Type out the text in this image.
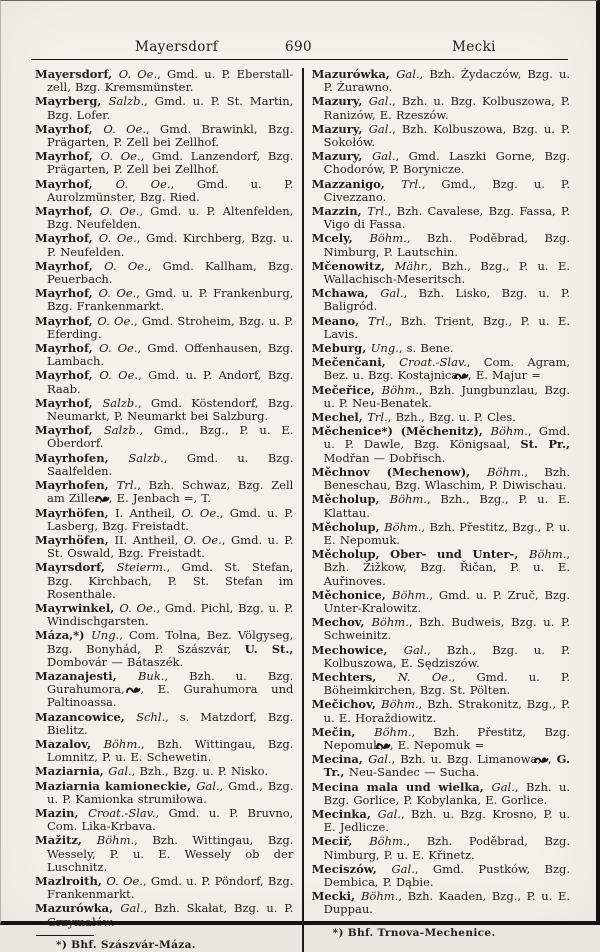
Mayersdorf	690	Mecki

Mayersdorf, O. Oe., Gmd. u. P. Eberstall-zell, Bzg. Kremsmünster.

Mayrberg, Salzb., Gmd. u. P. St. Martin, Bzg. Lofer.

Mayrhof, O. Oe., Gmd. Brawinkl, Bzg. Prägarten, P. Zell bei Zellhof.

Mayrhof, O. Oe., Gmd. Lanzendorf, Bzg. Prägarten, P. Zell bei Zellhof.

Mayrhof, O. Oe., Gmd. u. P. Aurolzmünster, Bzg. Ried.

Mayrhof, O. Oe., Gmd. u. P. Altenfelden, Bzg. Neufelden.

Mayrhof, O. Oe., Gmd. Kirchberg, Bzg. u. P. Neufelden.

Mayrhof, O. Oe., Gmd. Kallham, Bzg. Peuerbach.

Mayrhof, O. Oe., Gmd. u. P. Frankenburg, Bzg. Frankenmarkt.

Mayrhof, O. Oe., Gmd. Stroheim, Bzg. u. P. Eferding.

Mayrhof, O. Oe., Gmd. Offenhausen, Bzg. Lambach.

Mayrhof, O. Oe., Gmd. u. P. Andorf, Bzg. Raab.

Mayrhof, Salzb., Gmd. Köstendorf, Bzg. Neumarkt, P. Neumarkt bei Salzburg.

Mayrhof, Salzb., Gmd., Bzg., P. u. E. Oberdorf.

Mayrhofen, Salzb., Gmd. u. Bzg. Saalfelden.

Mayrhofen, Trl., Bzh. Schwaz, Bzg. Zell am Ziller, , E. Jenbach =, T.

Mayrhöfen, I. Antheil, O. Oe., Gmd. u. P. Lasberg, Bzg. Freistadt.

Mayrhöfen, II. Antheil, O. Oe., Gmd. u. P. St. Oswald, Bzg. Freistadt.

Mayrsdorf, Steierm., Gmd. St. Stefan, Bzg. Kirchbach, P. St. Stefan im Rosenthale.

Mayrwinkel, O. Oe., Gmd. Pichl, Bzg. u. P. Windischgarsten.

Máza,*) Ung., Com. Tolna, Bez. Völgyseg, Bzg. Bonyhád, P. Szászvár, U. St., Dombovár — Bátaszék.

Mazanajesti, Buk., Bzh. u. Bzg. Gurahumora, , E. Gurahumora und Paltinoassa.

Mazancowice, Schl., s. Matzdorf, Bzg. Bielitz.

Mazalov, Böhm., Bzh. Wittingau, Bzg. Lomnitz, P. u. E. Schewetin.

Maziarnia, Gal., Bzh., Bzg. u. P. Nisko.

Maziarnia kamioneckie, Gal., Gmd., Bzg. u. P. Kamionka strumiłowa.

Mazin, Croat.-Slav., Gmd. u. P. Bruvno, Com. Lika-Krbava.

Mažitz, Böhm., Bzh. Wittingau, Bzg. Wessely, P. u. E. Wessely ob der Luschnitz.

Mazlroith, O. Oe., Gmd. u. P. Pöndorf, Bzg. Frankenmarkt.

Mazurówka, Gal., Bzh. Skałat, Bzg. u. P. Grzymałów.

*) Bhf. Szászvár-Máza.

Mazurówka, Gal., Bzh. Żydaczów, Bzg. u. P. Żurawno.

Mazury, Gal., Bzh. u. Bzg. Kolbuszowa, P. Ranizów, E. Rzeszów.

Mazury, Gal., Bzh. Kolbuszowa, Bzg. u. P. Sokołów.

Mazury, Gal., Gmd. Laszki Gorne, Bzg. Chodorów, P. Borynicze.

Mazzanigo, Trl., Gmd., Bzg. u. P. Civezzano.

Mazzin, Trl., Bzh. Cavalese, Bzg. Fassa, P. Vigo di Fassa.

Mcely, Böhm., Bzh. Poděbrad, Bzg. Nimburg, P. Lautschin.

Mčenowitz, Mähr., Bzh., Bzg., P. u. E. Wallachisch-Meseritsch.

Mchawa, Gal., Bzh. Lisko, Bzg. u. P. Baligród.

Meano, Trl., Bzh. Trient, Bzg., P. u. E. Lavis.

Meburg, Ung., s. Bene.

Mečenčani, Croat.-Slav., Com. Agram, Bez. u. Bzg. Kostajnica, , E. Majur =

Mečeřice, Böhm., Bzh. Jungbunzlau, Bzg. u. P. Neu-Benatek.

Mechel, Trl., Bzh., Bzg. u. P. Cles.

Měchenice*) (Měchenitz), Böhm., Gmd. u. P. Dawle, Bzg. Königsaal, St. Pr., Modřan — Dobřisch.

Měchnov (Mechenow), Böhm., Bzh. Beneschau, Bzg. Wlaschim, P. Diwischau.

Měcholup, Böhm., Bzh., Bzg., P. u. E. Klattau.

Měcholup, Böhm., Bzh. Přestitz, Bzg., P. u. E. Nepomuk.

Měcholup, Ober- und Unter-, Böhm., Bzh. Žižkow, Bzg. Řičan, P. u. E. Auřinoves.

Měchonice, Böhm., Gmd. u. P. Zruč, Bzg. Unter-Kralowitz.

Mechov, Böhm., Bzh. Budweis, Bzg. u. P. Schweinitz.

Mechowice, Gal., Bzh., Bzg. u. P. Kolbuszowa, E. Sędziszów.

Mechters, N. Oe., Gmd. u. P. Böheimkirchen, Bzg. St. Pölten.

Mečichov, Böhm., Bzh. Strakonitz, Bzg., P. u. E. Horaždiowitz.

Mečin, Böhm., Bzh. Přestitz, Bzg. Nepomuk, , E. Nepomuk =

Mecina, Gal., Bzh. u. Bzg. Limanowa, , G. Tr., Neu-Sandec — Sucha.

Mecina mala und wielka, Gal., Bzh. u. Bzg. Gorlice, P. Kobylanka, E. Gorlice.

Mecinka, Gal., Bzh. u. Bzg. Krosno, P. u. E. Jedlicze.

Meciř, Böhm., Bzh. Poděbrad, Bzg. Nimburg, P. u. E. Křinetz.

Meciszów, Gal., Gmd. Pustków, Bzg. Dembica, P. Dąbie.

Mecki, Böhm., Bzh. Kaaden, Bzg., P. u. E. Duppau.

*) Bhf. Trnova-Mechenice.
